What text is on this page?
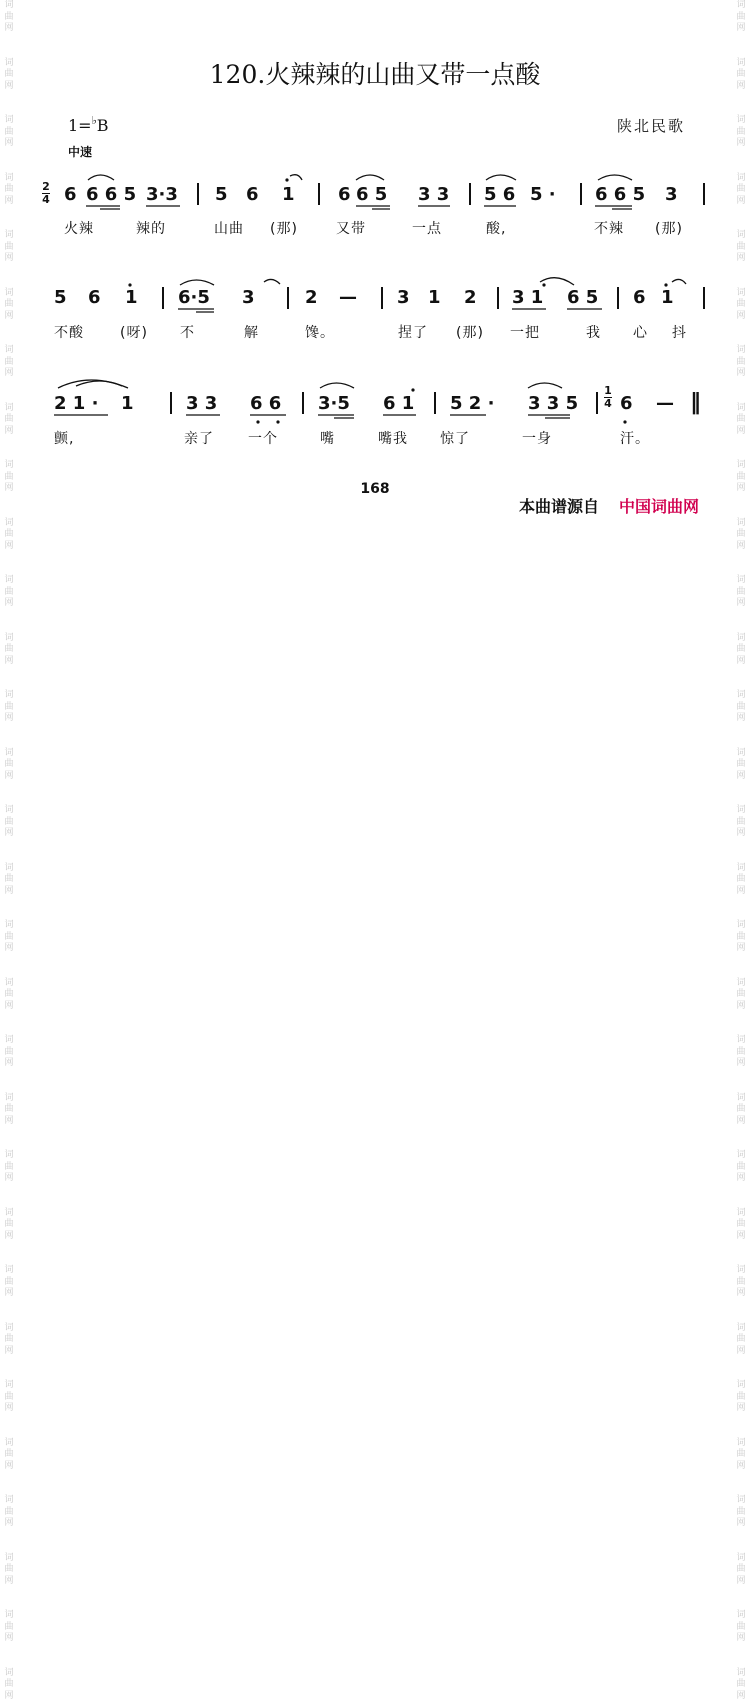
词
曲
网

词
曲
网

词
曲
网

词
曲
网

词
曲
网

词
曲
网

词
曲
网

词
曲
网

词
曲
网

词
曲
网

词
曲
网

词
曲
网

词
曲
网

词
曲
网

词
曲
网

词
曲
网

词
曲
网

词
曲
网

词
曲
网

词
曲
网

词
曲
网

词
曲
网

词
曲
网

词
曲
网

词
曲
网

词
曲
网

词
曲
网

词
曲
网

词
曲
网

词
曲
网

词
曲
网

词
曲
网

词
曲
网

词
曲
网

词
曲
网

词
曲
网

词
曲
网

词
曲
网

词
曲
网

词
曲
网

词
曲
网

词
曲
网

词
曲
网

词
曲
网

词
曲
网

词
曲
网

词
曲
网

词
曲
网

词
曲
网

词
曲
网

词
曲
网

词
曲
网

词
曲
网

词
曲
网

词
曲
网

词
曲
网

词
曲
网

词
曲
网

词
曲
网

词
曲
网

120.火辣辣的山曲又带一点酸
1=♭B
中速
陕北民歌
2
4 6 6 6 5 3·3 5 6 1 6 6 5 3 3 5 6 5 · 6 6 5 3
火辣	辣的	山曲 (那)	又带	一点	酸,	不辣 (那)
5 6 1 6·5 3	2 — 3 1 2 3 1 6 5 6 1
不酸	(呀) 不	解	馋。	捏了 (那) 一把	我 心 抖
2 1 · 1	3 3 6 6 3·5 6 1 5 2 · 3 3 5
1
4 6 — ‖
颤,	亲了 一个	嘴	嘴我 惊了	一身	汗。
168
本曲谱源自 中国词曲网
